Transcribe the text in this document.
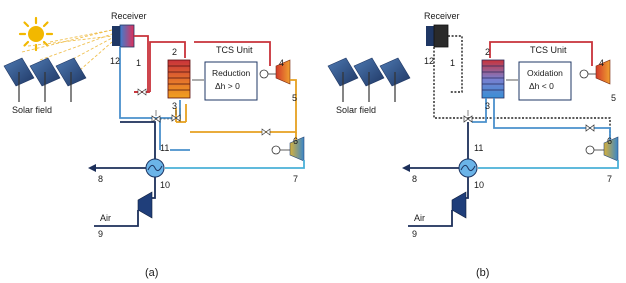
Solar field
Receiver
TCS Unit
Reduction
Δh > 0
Air
12 1
2
3
4
5
6
7
8
9
10
11
(a)
Solar field
Receiver
TCS Unit
Oxidation
Δh < 0
Air
12 1
2
3
4
5
6
7
8
9
10
11
(b)
